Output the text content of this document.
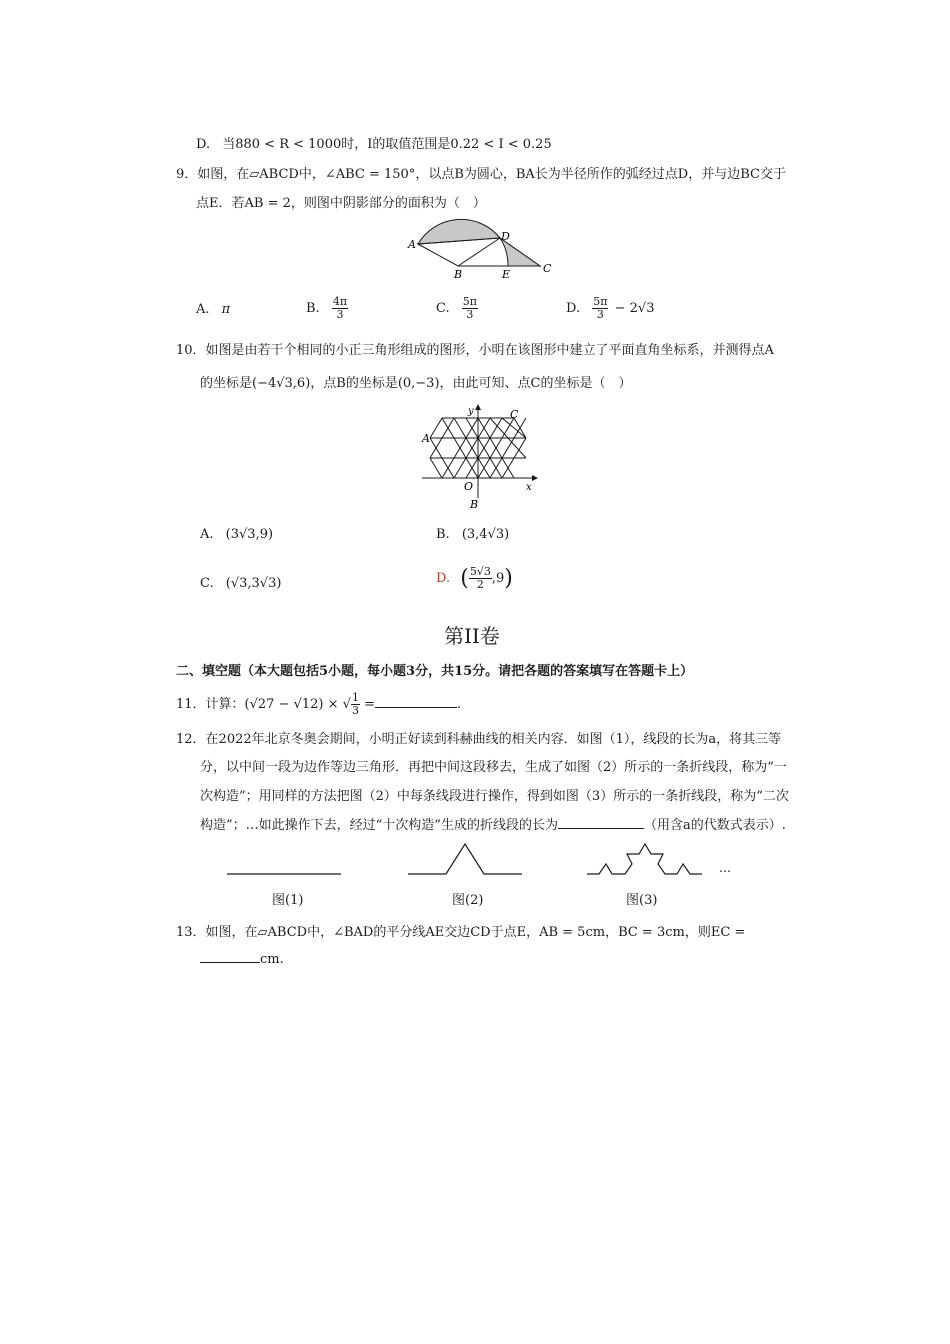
D. 当880 < R < 1000时，I的取值范围是0.22 < I < 0.25
9．如图，在▱ABCD中，∠ABC = 150°，以点B为圆心，BA长为半径所作的弧经过点D，并与边BC交于
点E．若AB = 2，则图中阴影部分的面积为（　）
A
B
D
E	C
A. π	B. $\frac{4\pi}{3}$	C. $\frac{5\pi}{3}$	D. $\frac{5\pi}{3} - 2√3$
10．如图是由若干个相同的小正三角形组成的图形，小明在该图形中建立了平面直角坐标系，并测得点A
的坐标是(−4√3,6)，点B的坐标是(0,−3)，由此可知、点C的坐标是（　）
A
C
y
O	x
B
A. (3√3,9)	B. (3,4√3)
C. (√3,3√3)	D. ( $\frac{5√3}{2} ,9$)
第II卷
二、填空题（本大题包括5小题，每小题3分，共15分。请把各题的答案填写在答题卡上）
11．计算：(√27 − √12) × √ $\frac{1}{3}$ =	.
12．在2022年北京冬奥会期间，小明正好读到科赫曲线的相关内容．如图（1），线段的长为a，将其三等
分，以中间一段为边作等边三角形．再把中间这段移去，生成了如图（2）所示的一条折线段，称为“一
次构造”；用同样的方法把图（2）中每条线段进行操作，得到如图（3）所示的一条折线段，称为“二次
构造”；…如此操作下去，经过“十次构造”生成的折线段的长为	（用含a的代数式表示）.
…
图(1)	图(2)	图(3)
13．如图，在▱ABCD中，∠BAD的平分线AE交边CD于点E，AB = 5cm，BC = 3cm，则EC =
cm.
